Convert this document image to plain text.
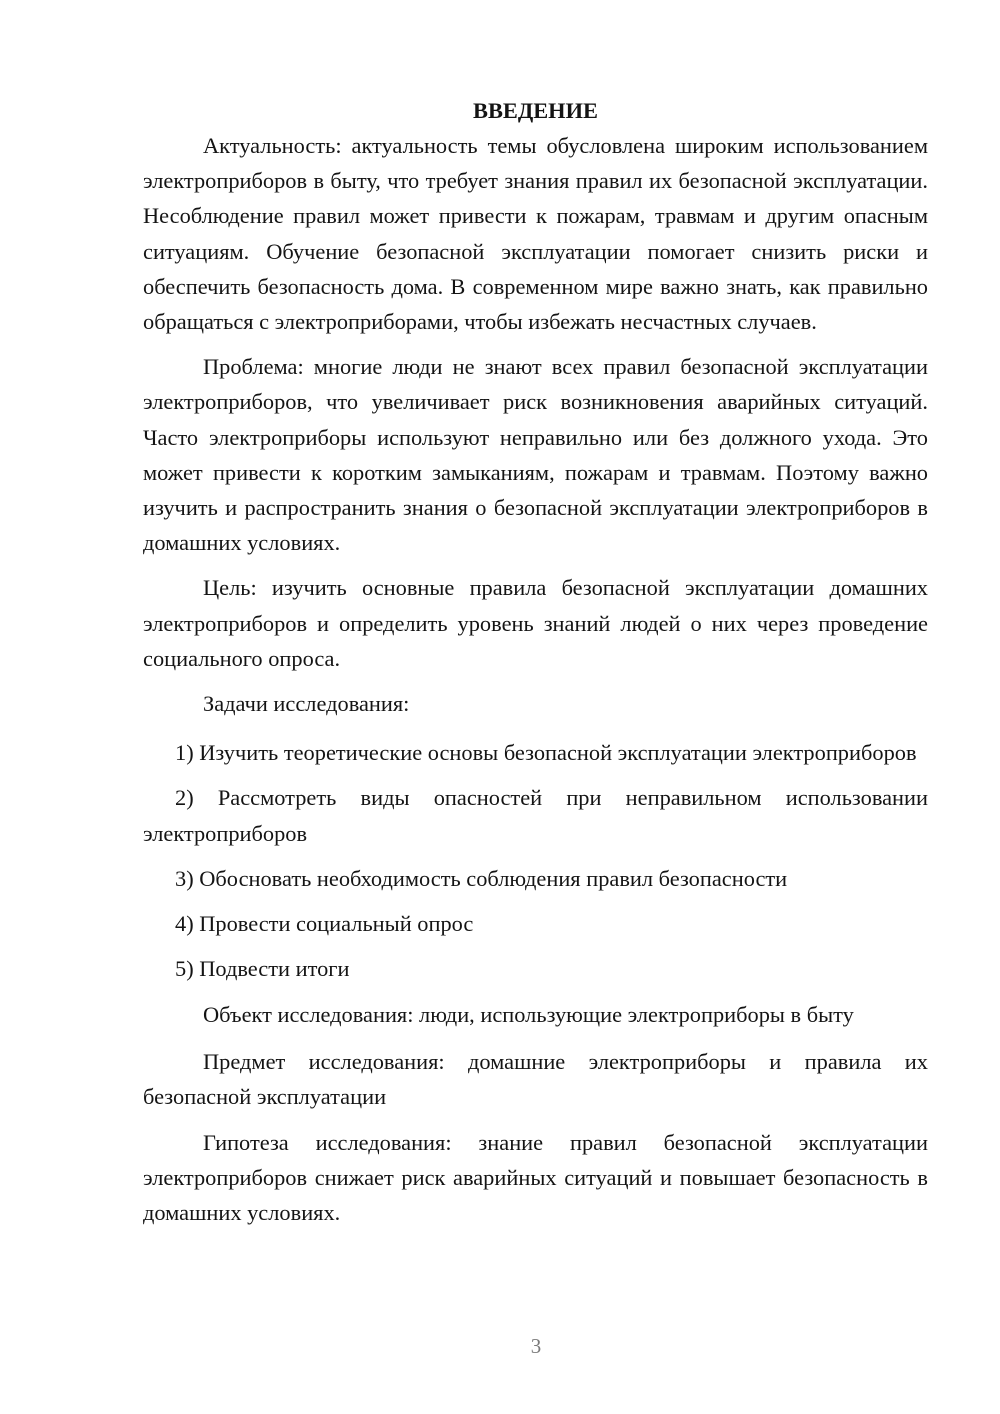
ВВЕДЕНИЕ

Актуальность: актуальность темы обусловлена широким использованием электроприборов в быту, что требует знания правил их безопасной эксплуатации. Несоблюдение правил может привести к пожарам, травмам и другим опасным ситуациям. Обучение безопасной эксплуатации помогает снизить риски и обеспечить безопасность дома. В современном мире важно знать, как правильно обращаться с электроприборами, чтобы избежать несчастных случаев.

Проблема: многие люди не знают всех правил безопасной эксплуатации электроприборов, что увеличивает риск возникновения аварийных ситуаций. Часто электроприборы используют неправильно или без должного ухода. Это может привести к коротким замыканиям, пожарам и травмам. Поэтому важно изучить и распространить знания о безопасной эксплуатации электроприборов в домашних условиях.

Цель: изучить основные правила безопасной эксплуатации домашних электроприборов и определить уровень знаний людей о них через проведение социального опроса.

Задачи исследования:

1) Изучить теоретические основы безопасной эксплуатации электроприборов

2) Рассмотреть виды опасностей при неправильном использовании электроприборов

3) Обосновать необходимость соблюдения правил безопасности

4) Провести социальный опрос

5) Подвести итоги

Объект исследования: люди, использующие электроприборы в быту

Предмет исследования: домашние электроприборы и правила их безопасной эксплуатации

Гипотеза исследования: знание правил безопасной эксплуатации электроприборов снижает риск аварийных ситуаций и повышает безопасность в домашних условиях.

3
